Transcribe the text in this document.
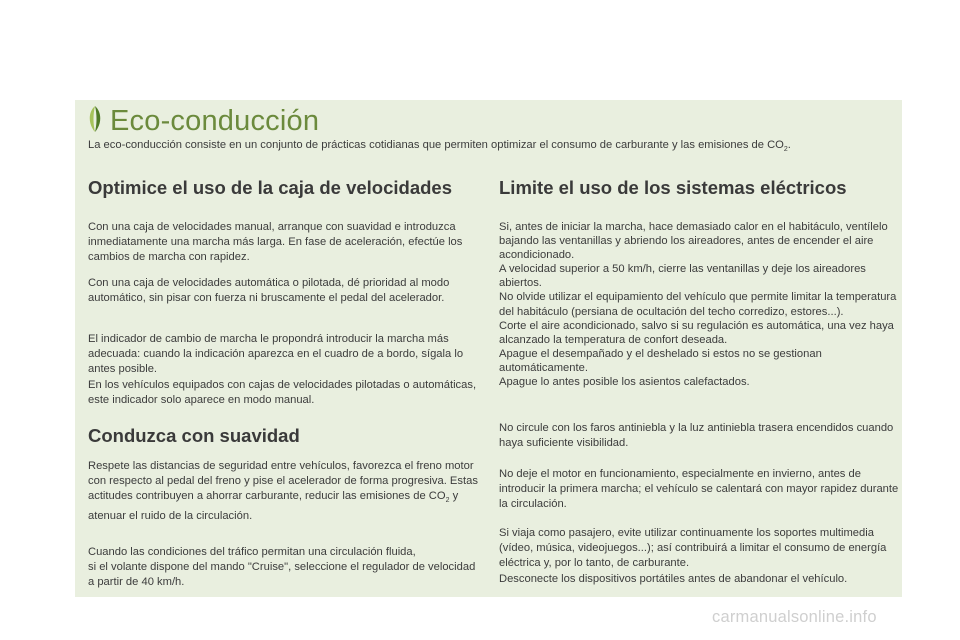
Eco-conducción

La eco-conducción consiste en un conjunto de prácticas cotidianas que permiten optimizar el consumo de carburante y las emisiones de $CO_2$.

Optimice el uso de la caja de velocidades

Con una caja de velocidades manual, arranque con suavidad e introduzca inmediatamente una marcha más larga. En fase de aceleración, efectúe los cambios de marcha con rapidez.

Con una caja de velocidades automática o pilotada, dé prioridad al modo automático, sin pisar con fuerza ni bruscamente el pedal del acelerador.

El indicador de cambio de marcha le propondrá introducir la marcha más adecuada: cuando la indicación aparezca en el cuadro de a bordo, sígala lo antes posible.
En los vehículos equipados con cajas de velocidades pilotadas o automáticas, este indicador solo aparece en modo manual.

Conduzca con suavidad

Respete las distancias de seguridad entre vehículos, favorezca el freno motor con respecto al pedal del freno y pise el acelerador de forma progresiva. Estas actitudes contribuyen a ahorrar carburante, reducir las emisiones de $CO_2$ y atenuar el ruido de la circulación.

Cuando las condiciones del tráfico permitan una circulación fluida,
si el volante dispone del mando "Cruise", seleccione el regulador de velocidad a partir de 40 km/h.

Limite el uso de los sistemas eléctricos

Si, antes de iniciar la marcha, hace demasiado calor en el habitáculo, ventílelo bajando las ventanillas y abriendo los aireadores, antes de encender el aire acondicionado.
A velocidad superior a 50 km/h, cierre las ventanillas y deje los aireadores abiertos.
No olvide utilizar el equipamiento del vehículo que permite limitar la temperatura del habitáculo (persiana de ocultación del techo corredizo, estores...).
Corte el aire acondicionado, salvo si su regulación es automática, una vez haya alcanzado la temperatura de confort deseada.
Apague el desempañado y el deshelado si estos no se gestionan automáticamente.
Apague lo antes posible los asientos calefactados.

No circule con los faros antiniebla y la luz antiniebla trasera encendidos cuando haya suficiente visibilidad.

No deje el motor en funcionamiento, especialmente en invierno, antes de introducir la primera marcha; el vehículo se calentará con mayor rapidez durante la circulación.

Si viaja como pasajero, evite utilizar continuamente los soportes multimedia (vídeo, música, videojuegos...); así contribuirá a limitar el consumo de energía eléctrica y, por lo tanto, de carburante.
Desconecte los dispositivos portátiles antes de abandonar el vehículo.

carmanualsonline.info
